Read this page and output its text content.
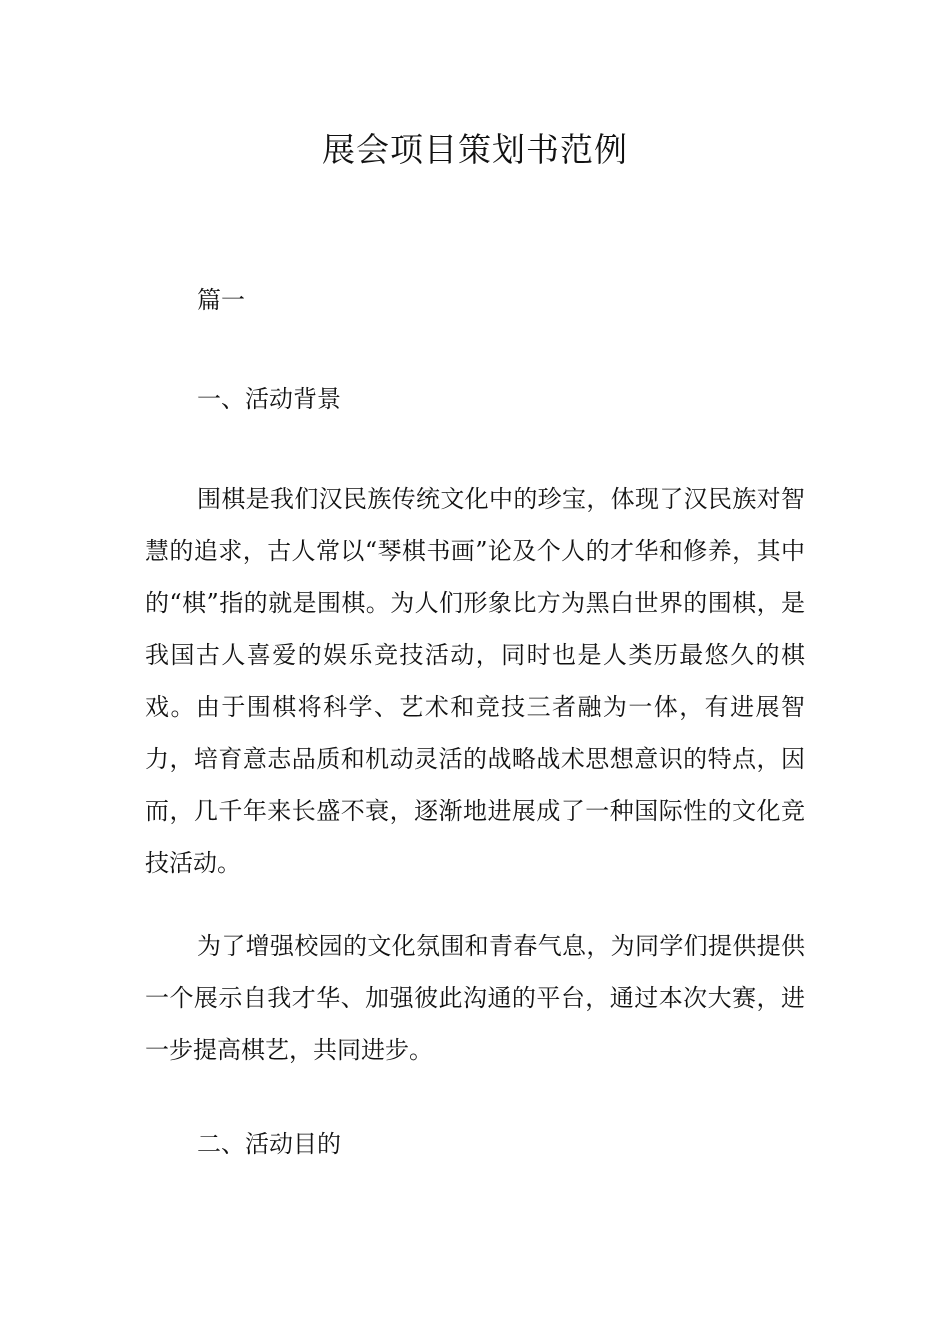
展会项目策划书范例

篇一

一、活动背景

围棋是我们汉民族传统文化中的珍宝，体现了汉民族对智慧的追求，古人常以“琴棋书画”论及个人的才华和修养，其中的“棋”指的就是围棋。为人们形象比方为黑白世界的围棋，是我国古人喜爱的娱乐竞技活动，同时也是人类历最悠久的棋戏。由于围棋将科学、艺术和竞技三者融为一体，有进展智力，培育意志品质和机动灵活的战略战术思想意识的特点，因而，几千年来长盛不衰，逐渐地进展成了一种国际性的文化竞技活动。

为了增强校园的文化氛围和青春气息，为同学们提供提供一个展示自我才华、加强彼此沟通的平台，通过本次大赛，进一步提高棋艺，共同进步。

二、活动目的
